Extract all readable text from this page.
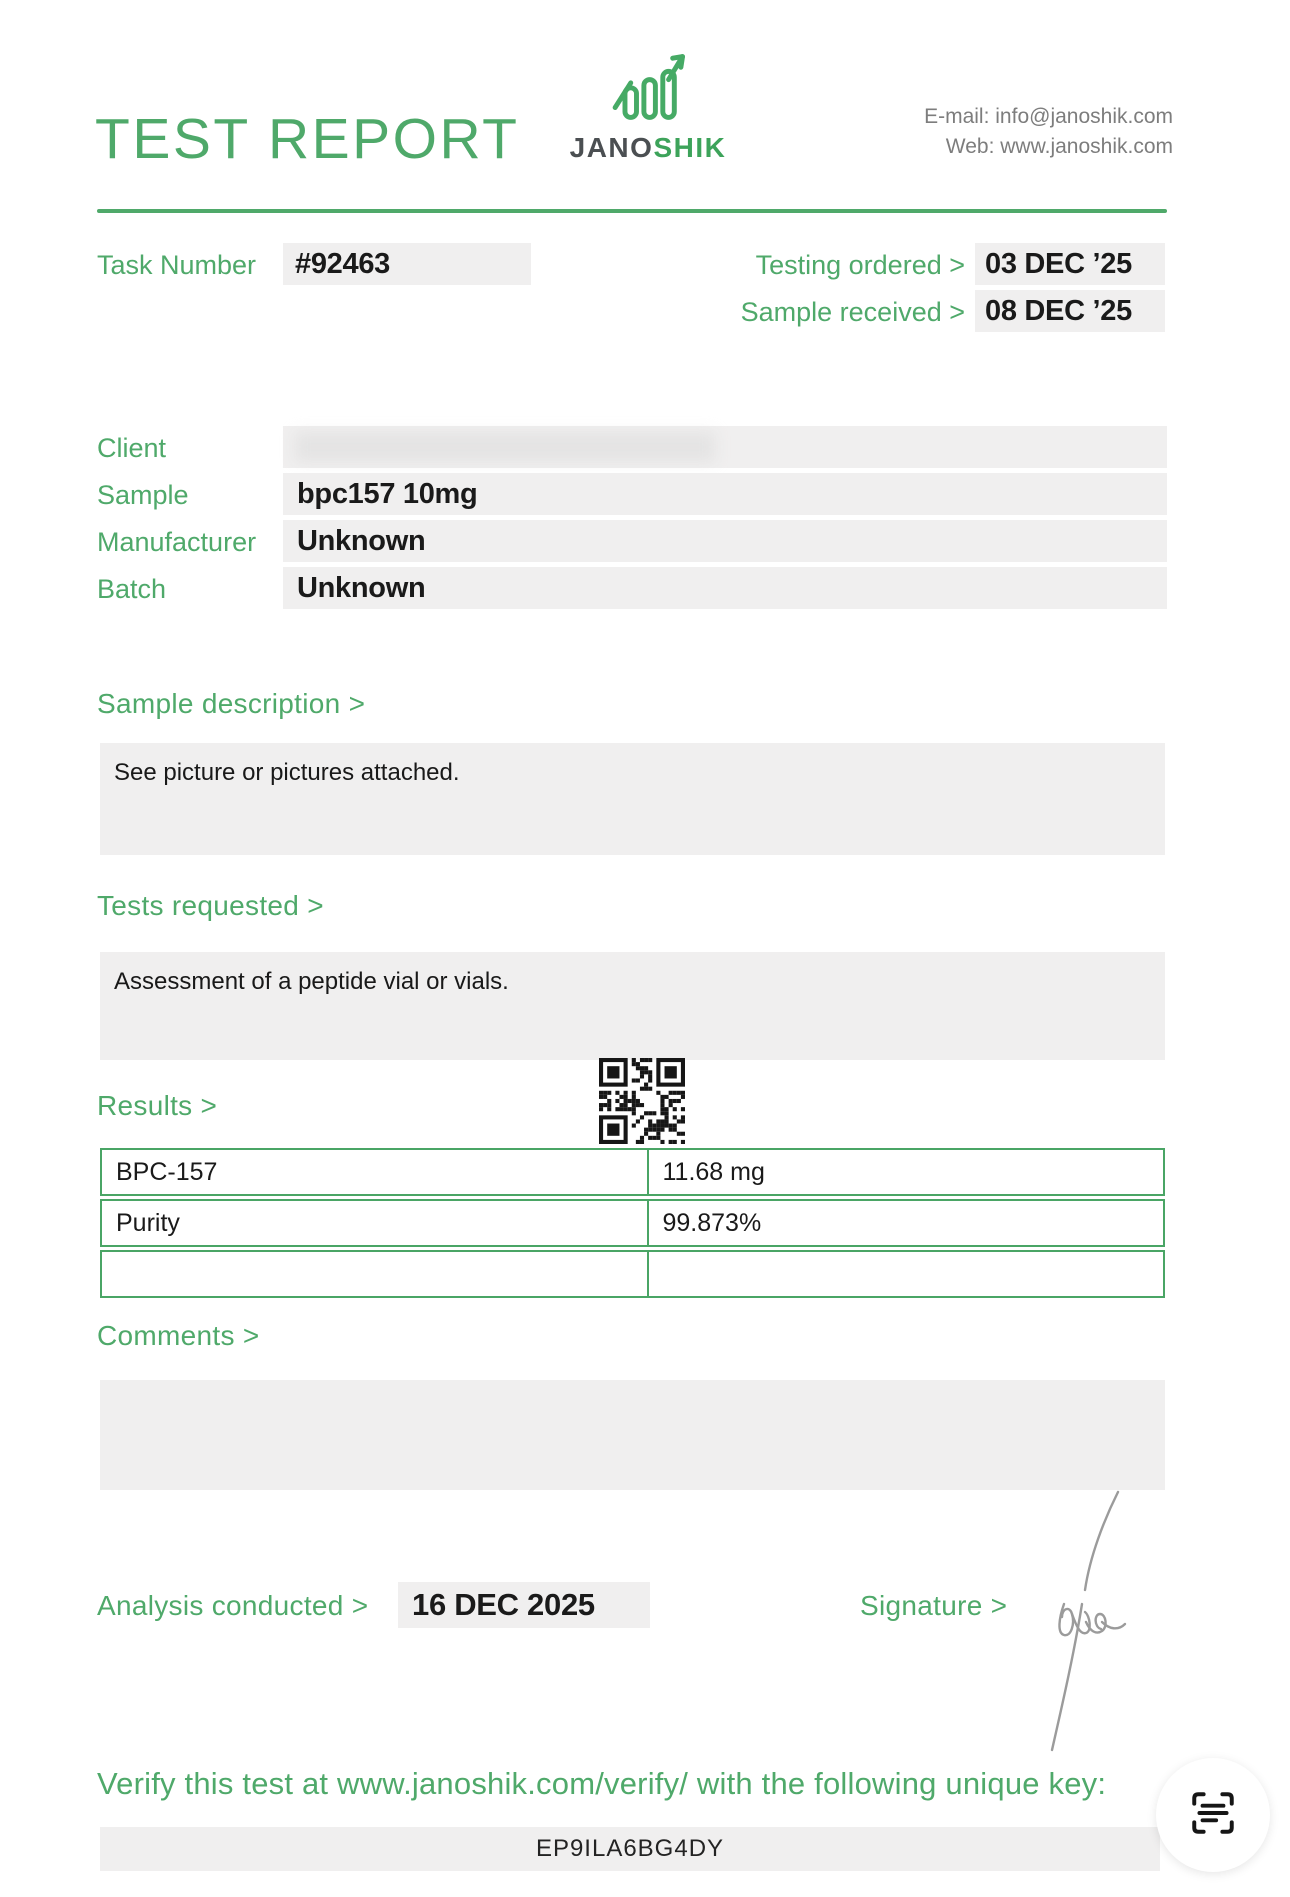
TEST REPORT JANOSHIK
E-mail: info@janoshik.com
Web: www.janoshik.com
Task Number	#92463	Testing ordered > 03 DEC ’25
Sample received > 08 DEC ’25
Client
Sample	bpc157 10mg
Manufacturer	Unknown
Batch	Unknown
Sample description >
See picture or pictures attached.
Tests requested >
Assessment of a peptide vial or vials.
Results >
BPC-157	11.68 mg
Purity	99.873%
Comments >
Analysis conducted >	16 DEC 2025	Signature >
Verify this test at www.janoshik.com/verify/ with the following unique key:
EP9ILA6BG4DY
